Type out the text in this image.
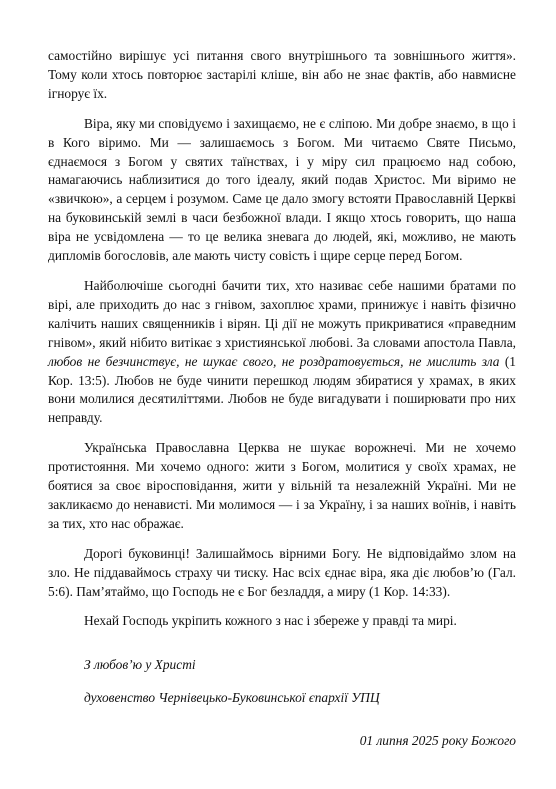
самостійно вирішує усі питання свого внутрішнього та зовнішнього життя». Тому коли хтось повторює застарілі кліше, він або не знає фактів, або навмисне ігнорує їх.

Віра, яку ми сповідуємо і захищаємо, не є сліпою. Ми добре знаємо, в що і в Кого віримо. Ми — залишаємось з Богом. Ми читаємо Святе Письмо, єднаємося з Богом у святих таїнствах, і у міру сил працюємо над собою, намагаючись наблизитися до того ідеалу, який подав Христос. Ми віримо не «звичкою», а серцем і розумом. Саме це дало змогу встояти Православній Церкві на буковинській землі в часи безбожної влади. І якщо хтось говорить, що наша віра не усвідомлена — то це велика зневага до людей, які, можливо, не мають дипломів богословів, але мають чисту совість і щире серце перед Богом.

Найболючіше сьогодні бачити тих, хто називає себе нашими братами по вірі, але приходить до нас з гнівом, захоплює храми, принижує і навіть фізично калічить наших священників і вірян. Ці дії не можуть прикриватися «праведним гнівом», який нібито витікає з християнської любові. За словами апостола Павла, любов не безчинствує, не шукає свого, не роздратовується, не мислить зла (1 Кор. 13:5). Любов не буде чинити перешкод людям збиратися у храмах, в яких вони молилися десятиліттями. Любов не буде вигадувати і поширювати про них неправду.

Українська Православна Церква не шукає ворожнечі. Ми не хочемо протистояння. Ми хочемо одного: жити з Богом, молитися у своїх храмах, не боятися за своє віросповідання, жити у вільній та незалежній Україні. Ми не закликаємо до ненависті. Ми молимося — і за Україну, і за наших воїнів, і навіть за тих, хто нас ображає.

Дорогі буковинці! Залишаймось вірними Богу. Не відповідаймо злом на зло. Не піддаваймось страху чи тиску. Нас всіх єднає віра, яка діє любов’ю (Гал. 5:6). Пам’ятаймо, що Господь не є Бог безладдя, а миру (1 Кор. 14:33).

Нехай Господь укріпить кожного з нас і збереже у правді та мирі.

З любов’ю у Христі
духовенство Чернівецько-Буковинської єпархії УПЦ
01 липня 2025 року Божого
